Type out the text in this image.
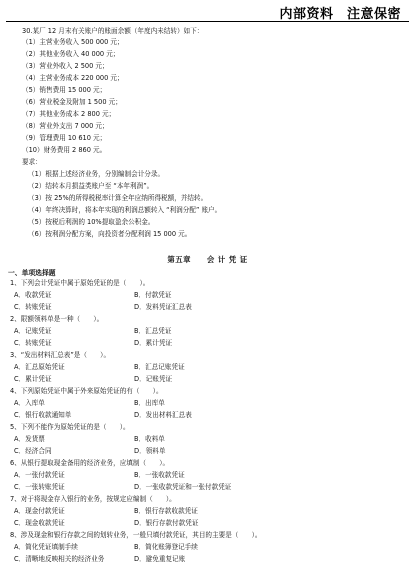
内部资料　注意保密
30.某厂 12 月末有关账户的账面余额（年度内未结转）如下：
（1）主营业务收入 500 000 元；
（2）其他业务收入 40 000 元；
（3）营业外收入 2 500 元；
（4）主营业务成本 220 000 元；
（5）销售费用 15 000 元；
（6）营业税金及附加 1 500 元；
（7）其他业务成本 2 800 元；
（8）营业外支出 7 000 元；
（9）管理费用 10 610 元；
（10）财务费用 2 860 元。
要求：
（1）根据上述经济业务，分别编制会计分录。
（2）结转本月损益类账户至 “本年利润”。
（3）按 25%的所得税税率计算全年应纳所得税额，并结转。
（4）年终决算时，将本年实现的利润总额转入 “利润分配” 账户。
（5）按税后利润的 10%提取盈余公积金。
（6）按利润分配方案，向投资者分配利润 15 000 元。
第五章　　会 计 凭 证
一、单项选择题
1、下列会计凭证中属于原始凭证的是（　　）。
A．收款凭证	B．付款凭证
C．转账凭证	D．发料凭证汇总表
2、限额领料单是一种（　　）。
A．记账凭证	B．汇总凭证
C．转账凭证	D．累计凭证
3、“发出材料汇总表”是（　　）。
A．汇总原始凭证	B．汇总记账凭证
C．累计凭证	D．记账凭证
4、下列原始凭证中属于外来原始凭证的有（　　）。
A．入库单	B．出库单
C．银行收款通知单	D．发出材料汇总表
5、下列不能作为原始凭证的是（　　）。
A．发货票	B．收料单
C．经济合同	D．领料单
6、从银行提取现金备用的经济业务，应填制（　　）。
A．一张付款凭证	B．一张收款凭证
C．一张转账凭证	D．一张收款凭证和一张付款凭证
7、对于将现金存入银行的业务，按规定应编制（　　）。
A．现金付款凭证	B．银行存款收款凭证
C．现金收款凭证	D．银行存款付款凭证
8、涉及现金和银行存款之间的划转业务，一般只填付款凭证，其目的主要是（　　）。
A．简化凭证填制手续	B．简化账簿登记手续
C．清晰地反映相关的经济业务	D．避免重复记账
